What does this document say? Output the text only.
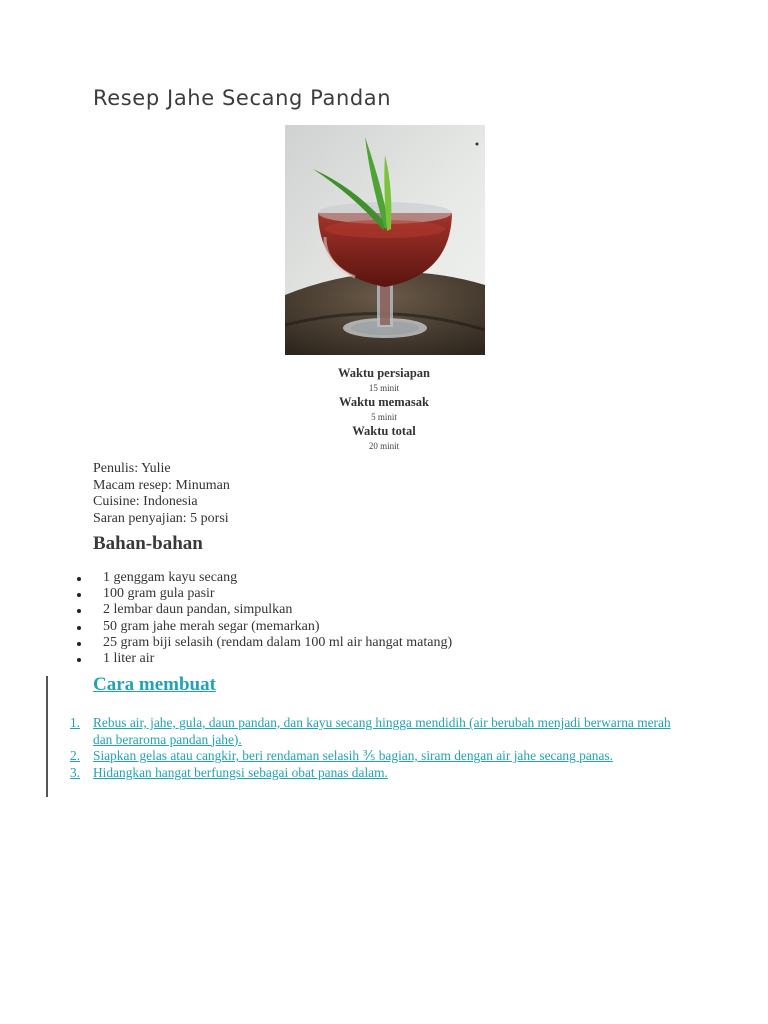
Resep Jahe Secang Pandan
Waktu persiapan
15 minit
Waktu memasak
5 minit
Waktu total
20 minit
Penulis: Yulie
Macam resep: Minuman
Cuisine: Indonesia
Saran penyajian: 5 porsi
Bahan-bahan
1 genggam kayu secang
100 gram gula pasir
2 lembar daun pandan, simpulkan
50 gram jahe merah segar (memarkan)
25 gram biji selasih (rendam dalam 100 ml air hangat matang)
1 liter air
Cara membuat
1. Rebus air, jahe, gula, daun pandan, dan kayu secang hingga mendidih (air berubah menjadi berwarna merah dan beraroma pandan jahe).
2. Siapkan gelas atau cangkir, beri rendaman selasih ⅗ bagian, siram dengan air jahe secang panas.
3. Hidangkan hangat berfungsi sebagai obat panas dalam.
